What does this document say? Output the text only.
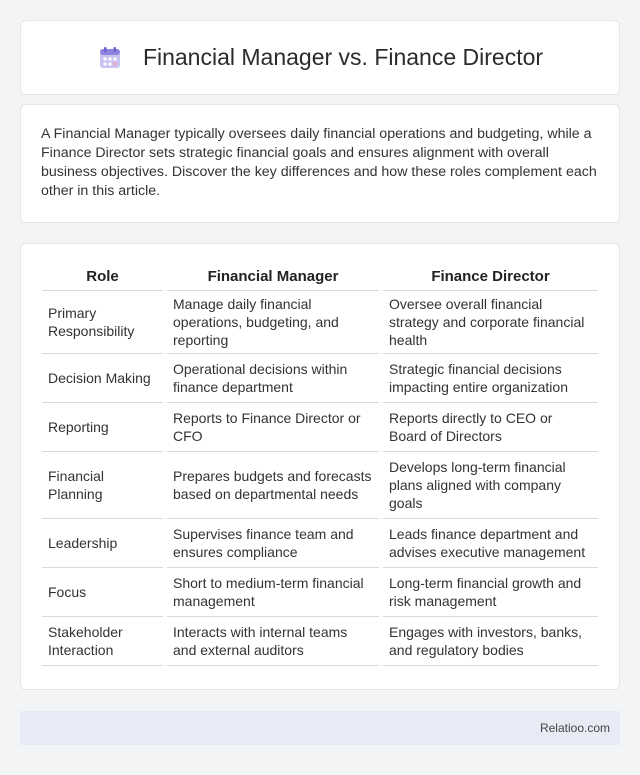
Financial Manager vs. Finance Director

A Financial Manager typically oversees daily financial operations and budgeting, while a Finance Director sets strategic financial goals and ensures alignment with overall business objectives. Discover the key differences and how these roles complement each other in this article.

Role	Financial Manager	Finance Director
Primary Responsibility	Manage daily financial operations, budgeting, and reporting	Oversee overall financial strategy and corporate financial health
Decision Making	Operational decisions within finance department	Strategic financial decisions impacting entire organization
Reporting	Reports to Finance Director or CFO	Reports directly to CEO or Board of Directors
Financial Planning	Prepares budgets and forecasts based on departmental needs	Develops long-term financial plans aligned with company goals
Leadership	Supervises finance team and ensures compliance	Leads finance department and advises executive management
Focus	Short to medium-term financial management	Long-term financial growth and risk management
Stakeholder Interaction	Interacts with internal teams and external auditors	Engages with investors, banks, and regulatory bodies
Relatioo.com
